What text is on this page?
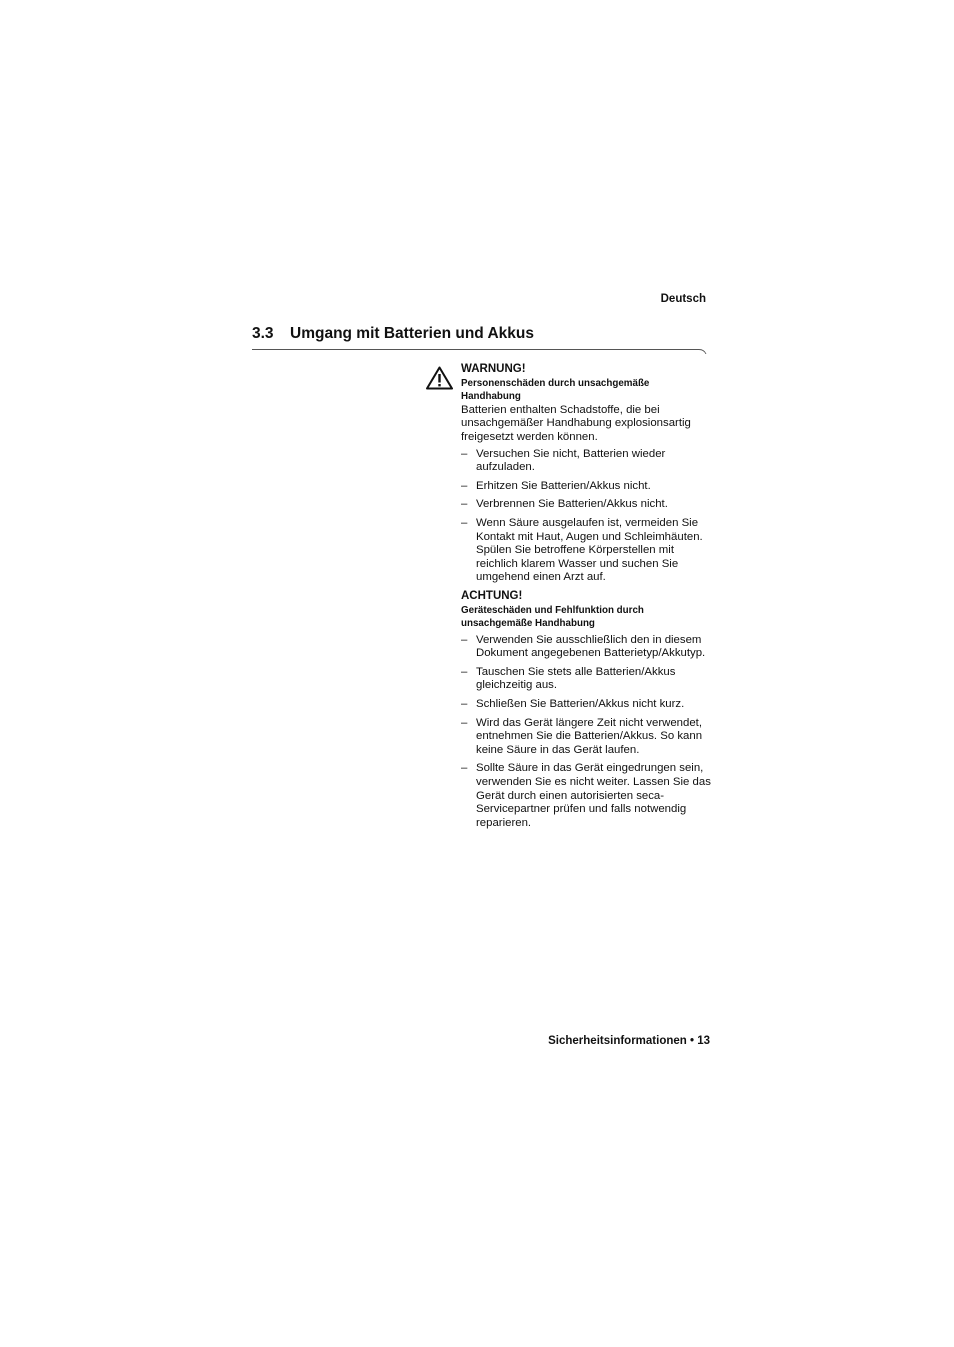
Deutsch
3.3 Umgang mit Batterien und Akkus
WARNUNG!
Personenschäden durch unsachgemäße Handhabung

Batterien enthalten Schadstoffe, die bei unsachgemäßer Handhabung explosionsartig freigesetzt werden können.

– Versuchen Sie nicht, Batterien wieder aufzuladen.
– Erhitzen Sie Batterien/Akkus nicht.
– Verbrennen Sie Batterien/Akkus nicht.
– Wenn Säure ausgelaufen ist, vermeiden Sie Kontakt mit Haut, Augen und Schleimhäuten. Spülen Sie betroffene Körperstellen mit reichlich klarem Wasser und suchen Sie umgehend einen Arzt auf.
ACHTUNG!
Geräteschäden und Fehlfunktion durch unsachgemäße Handhabung
– Verwenden Sie ausschließlich den in diesem Dokument angegebenen Batterietyp/Akkutyp.
– Tauschen Sie stets alle Batterien/Akkus gleichzeitig aus.
– Schließen Sie Batterien/Akkus nicht kurz.
– Wird das Gerät längere Zeit nicht verwendet, entnehmen Sie die Batterien/Akkus. So kann keine Säure in das Gerät laufen.
– Sollte Säure in das Gerät eingedrungen sein, verwenden Sie es nicht weiter. Lassen Sie das Gerät durch einen autorisierten seca-Servicepartner prüfen und falls notwendig reparieren.
Sicherheitsinformationen • 13
